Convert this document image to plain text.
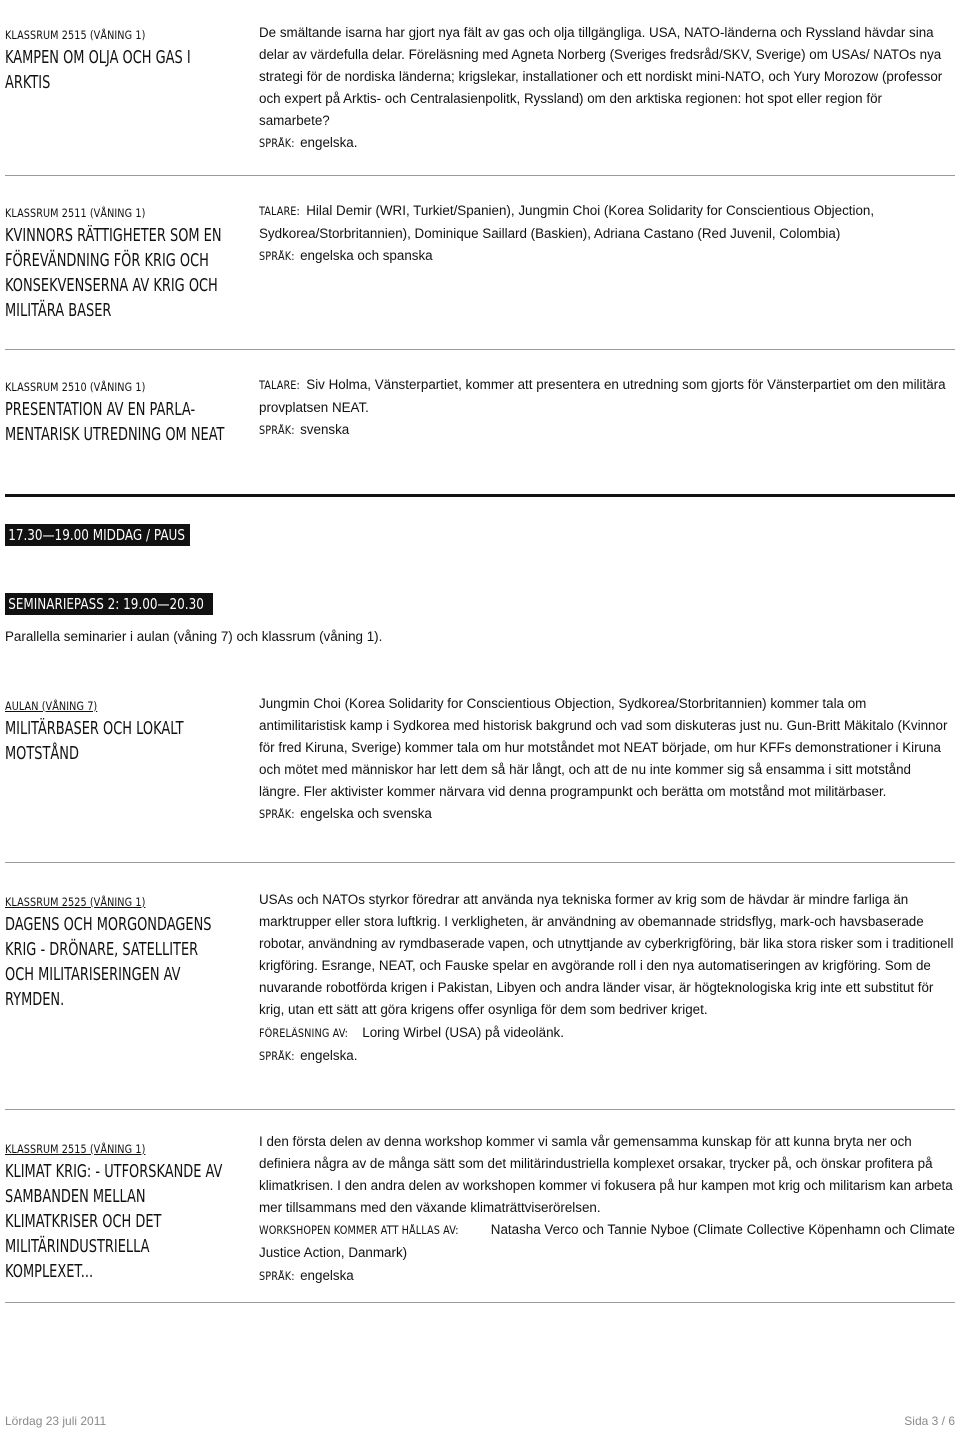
KLASSRUM 2515 (VÅNING 1)
KAMPEN OM OLJA OCH GAS I ARKTIS
De smältande isarna har gjort nya fält av gas och olja tillgängliga. USA, NATO-länderna och Ryssland hävdar sina delar av värdefulla delar. Föreläsning med Agneta Norberg (Sveriges fredsråd/SKV, Sverige) om USAs/ NATOs nya strategi för de nordiska länderna; krigslekar, installationer och ett nordiskt mini-NATO, och Yury Morozow (professor och expert på Arktis- och Centralasienpolitk, Ryssland) om den arktiska regionen: hot spot eller region för samarbete?
SPRÅK: engelska.
KLASSRUM 2511 (VÅNING 1)
KVINNORS RÄTTIGHETER SOM EN FÖREVÄNDNING FÖR KRIG OCH KONSEKVENSERNA AV KRIG OCH MILITÄRA BASER
TALARE: Hilal Demir (WRI, Turkiet/Spanien), Jungmin Choi (Korea Solidarity for Conscientious Objection, Sydkorea/Storbritannien), Dominique Saillard (Baskien), Adriana Castano (Red Juvenil, Colombia)
SPRÅK: engelska och spanska
KLASSRUM 2510 (VÅNING 1)
PRESENTATION AV EN PARLA- MENTARISK UTREDNING OM NEAT
TALARE: Siv Holma, Vänsterpartiet, kommer att presentera en utredning som gjorts för Vänsterpartiet om den militära provplatsen NEAT.
SPRÅK: svenska
17.30—19.00 MIDDAG / PAUS
SEMINARIEPASS 2: 19.00—20.30
Parallella seminarier i aulan (våning 7) och klassrum (våning 1).
AULAN (VÅNING 7)
MILITÄRBASER OCH LOKALT MOTSTÅND
Jungmin Choi (Korea Solidarity for Conscientious Objection, Sydkorea/Storbritannien) kommer tala om antimilitaristisk kamp i Sydkorea med historisk bakgrund och vad som diskuteras just nu. Gun-Britt Mäkitalo (Kvinnor för fred Kiruna, Sverige) kommer tala om hur motståndet mot NEAT började, om hur KFFs demonstrationer i Kiruna och mötet med människor har lett dem så här långt, och att de nu inte kommer sig så ensamma i sitt motstånd längre. Fler aktivister kommer närvara vid denna programpunkt och berätta om motstånd mot militärbaser.
SPRÅK: engelska och svenska
KLASSRUM 2525 (VÅNING 1)
DAGENS OCH MORGONDAGENS KRIG - DRÖNARE, SATELLITER OCH MILITARISERINGEN AV RYMDEN.
USAs och NATOs styrkor föredrar att använda nya tekniska former av krig som de hävdar är mindre farliga än marktrupper eller stora luftkrig. I verkligheten, är användning av obemannade stridsflyg, mark-och havsbaserade robotar, användning av rymdbaserade vapen, och utnyttjande av cyberkrigföring, bär lika stora risker som i traditionell krigföring. Esrange, NEAT, och Fauske spelar en avgörande roll i den nya automatiseringen av krigföring. Som de nuvarande robotförda krigen i Pakistan, Libyen och andra länder visar, är högteknologiska krig inte ett substitut för krig, utan ett sätt att göra krigens offer osynliga för dem som bedriver kriget.
FÖRELÄSNING AV: Loring Wirbel (USA) på videolänk.
SPRÅK: engelska.
KLASSRUM 2515 (VÅNING 1)
KLIMAT KRIG: - UTFORSKANDE AV SAMBANDEN MELLAN KLIMATKRISER OCH DET MILITÄRINDUSTRIELLA KOMPLEXET...
I den första delen av denna workshop kommer vi samla vår gemensamma kunskap för att kunna bryta ner och definiera några av de många sätt som det militärindustriella komplexet orsakar, trycker på, och önskar profitera på klimatkrisen. I den andra delen av workshopen kommer vi fokusera på hur kampen mot krig och militarism kan arbeta mer tillsammans med den växande klimaträttviserörelsen.
WORKSHOPEN KOMMER ATT HÅLLAS AV: Natasha Verco och Tannie Nyboe (Climate Collective Köpenhamn och Climate Justice Action, Danmark)
SPRÅK: engelska
Lördag 23 juli 2011	Sida 3 / 6
